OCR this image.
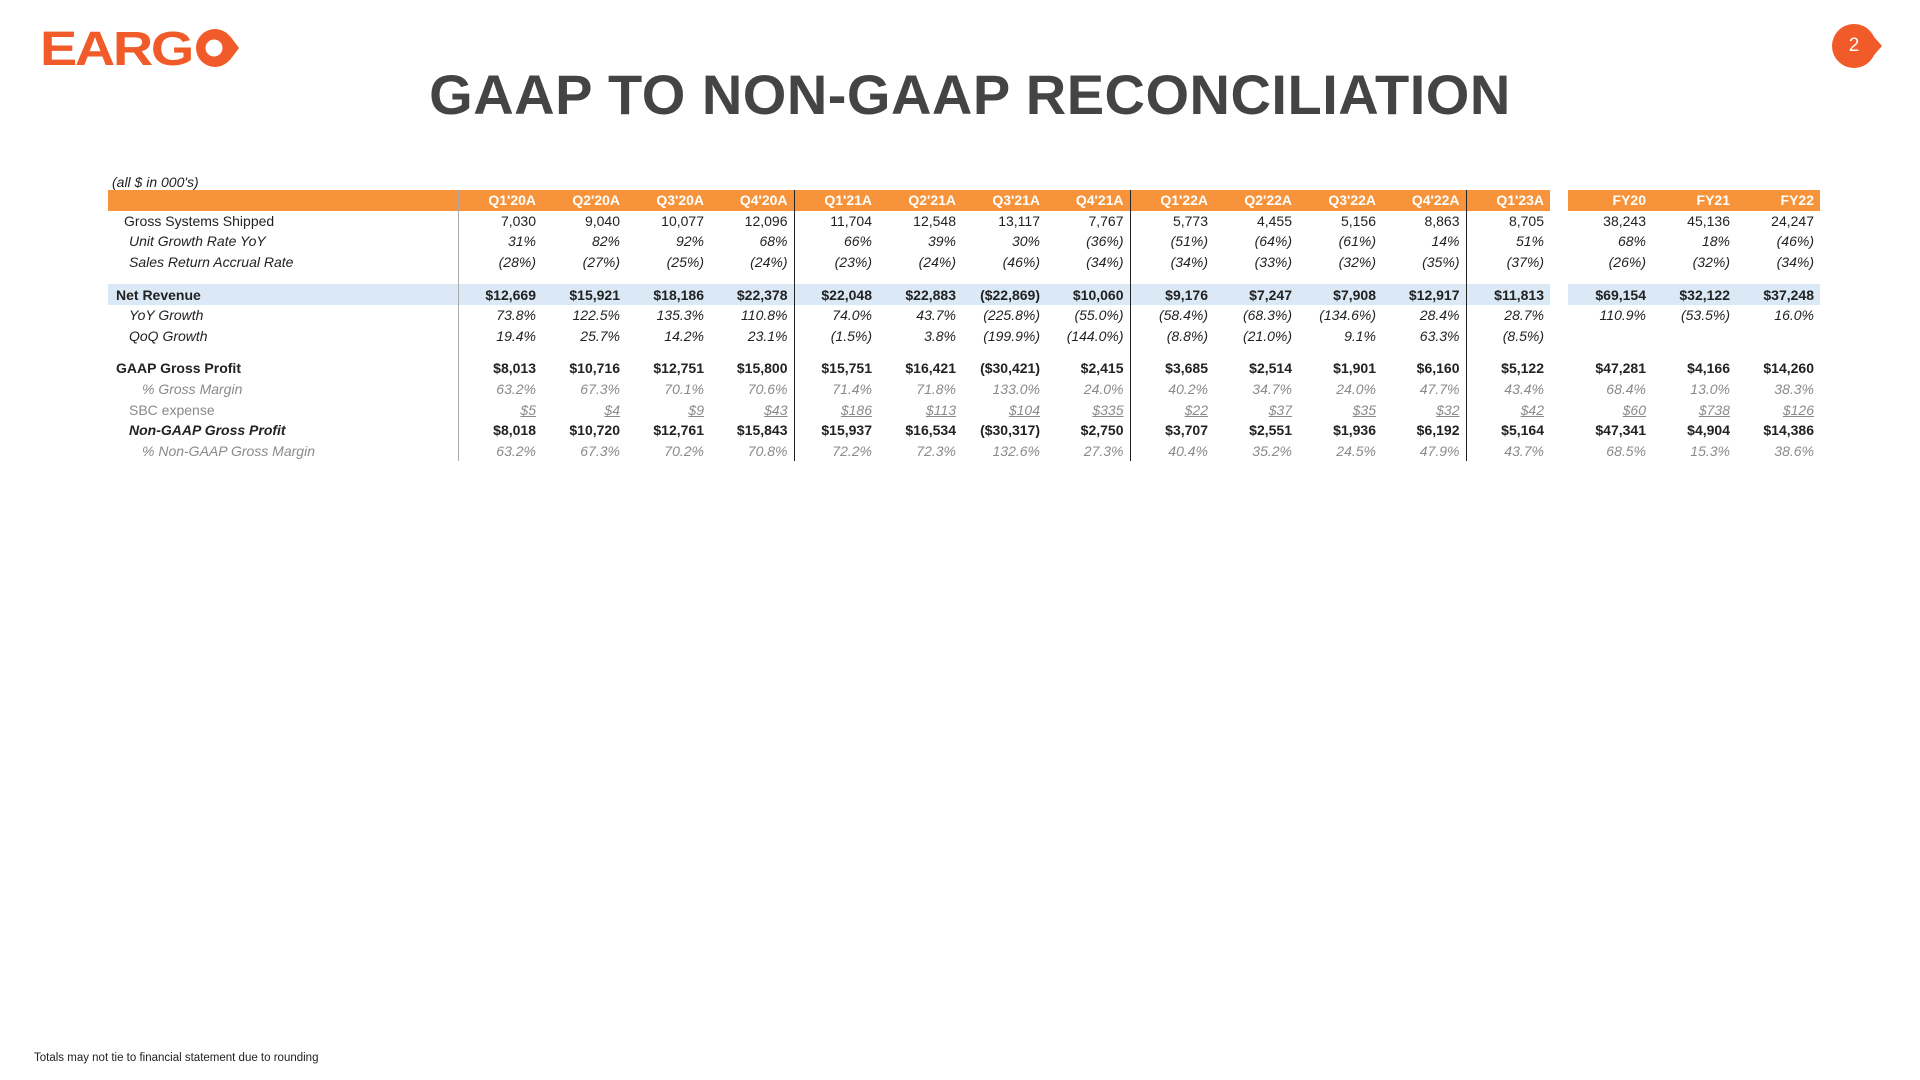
EARG	2
GAAP TO NON-GAAP RECONCILIATION
(all $ in 000's)
	Q1'20A	Q2'20A	Q3'20A	Q4'20A	Q1'21A	Q2'21A	Q3'21A	Q4'21A	Q1'22A	Q2'22A	Q3'22A	Q4'22A	Q1'23A		FY20	FY21	FY22
Gross Systems Shipped	7,030	9,040	10,077	12,096	11,704	12,548	13,117	7,767	5,773	4,455	5,156	8,863	8,705		38,243	45,136	24,247
Unit Growth Rate YoY	31%	82%	92%	68%	66%	39%	30%	(36%)	(51%)	(64%)	(61%)	14%	51%		68%	18%	(46%)
Sales Return Accrual Rate	(28%)	(27%)	(25%)	(24%)	(23%)	(24%)	(46%)	(34%)	(34%)	(33%)	(32%)	(35%)	(37%)		(26%)	(32%)	(34%)

Net Revenue	$12,669	$15,921	$18,186	$22,378	$22,048	$22,883	($22,869)	$10,060	$9,176	$7,247	$7,908	$12,917	$11,813		$69,154	$32,122	$37,248
YoY Growth	73.8%	122.5%	135.3%	110.8%	74.0%	43.7%	(225.8%)	(55.0%)	(58.4%)	(68.3%)	(134.6%)	28.4%	28.7%		110.9%	(53.5%)	16.0%
QoQ Growth	19.4%	25.7%	14.2%	23.1%	(1.5%)	3.8%	(199.9%)	(144.0%)	(8.8%)	(21.0%)	9.1%	63.3%	(8.5%)				

GAAP Gross Profit	$8,013	$10,716	$12,751	$15,800	$15,751	$16,421	($30,421)	$2,415	$3,685	$2,514	$1,901	$6,160	$5,122		$47,281	$4,166	$14,260
% Gross Margin	63.2%	67.3%	70.1%	70.6%	71.4%	71.8%	133.0%	24.0%	40.2%	34.7%	24.0%	47.7%	43.4%		68.4%	13.0%	38.3%
SBC expense	$5	$4	$9	$43	$186	$113	$104	$335	$22	$37	$35	$32	$42		$60	$738	$126
Non-GAAP Gross Profit	$8,018	$10,720	$12,761	$15,843	$15,937	$16,534	($30,317)	$2,750	$3,707	$2,551	$1,936	$6,192	$5,164		$47,341	$4,904	$14,386
% Non-GAAP Gross Margin	63.2%	67.3%	70.2%	70.8%	72.2%	72.3%	132.6%	27.3%	40.4%	35.2%	24.5%	47.9%	43.7%		68.5%	15.3%	38.6%
Totals may not tie to financial statement due to rounding
